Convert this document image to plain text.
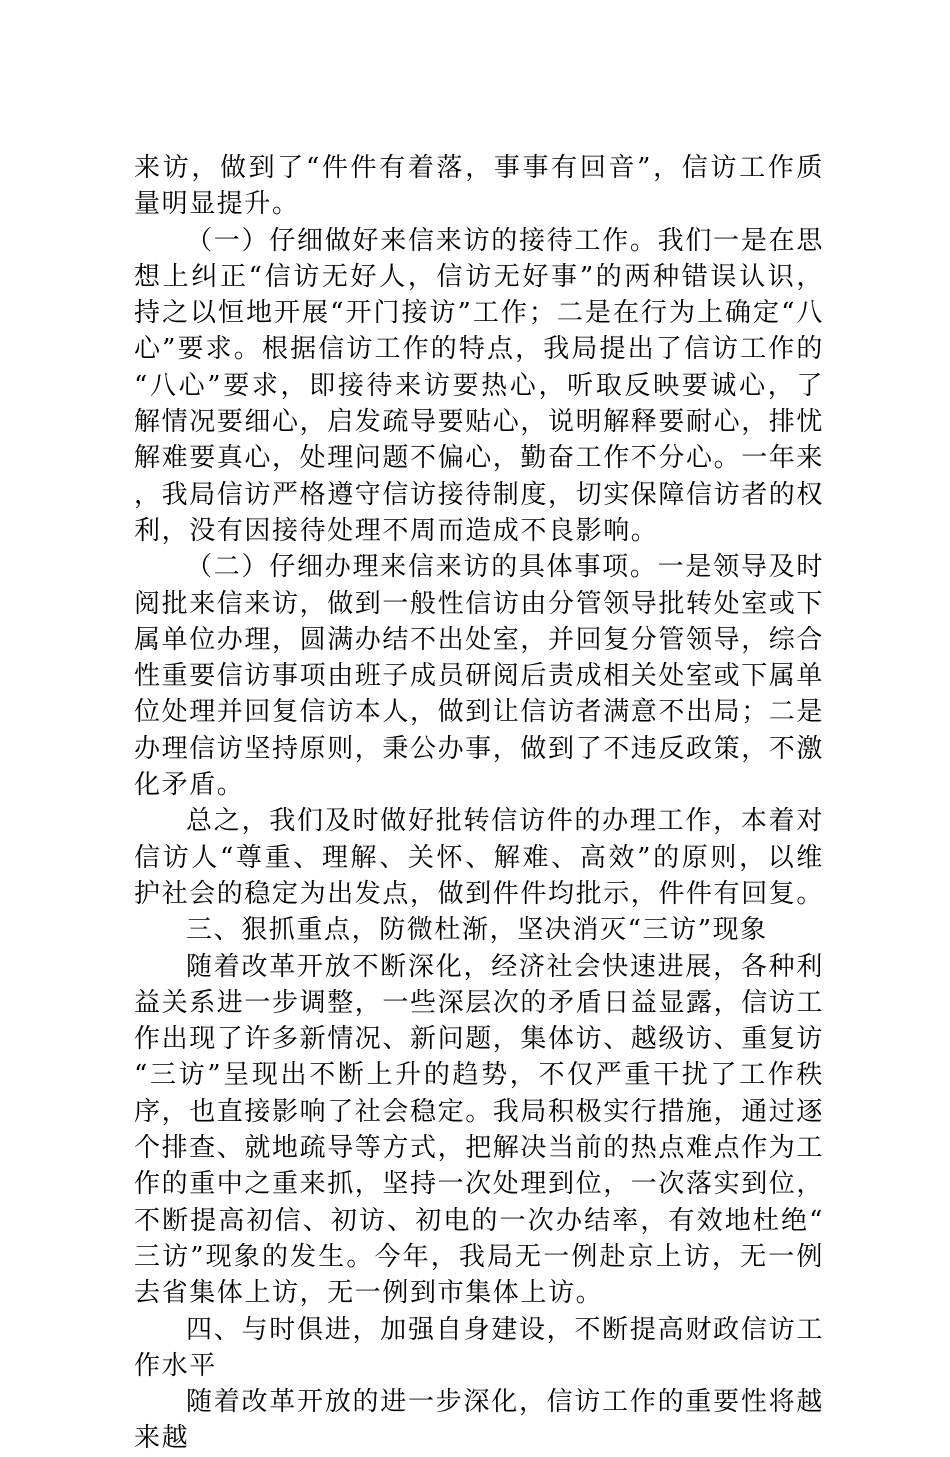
来访，做到了“件件有着落，事事有回音”，信访工作质量明显提升。

（一）仔细做好来信来访的接待工作。我们一是在思想上纠正“信访无好人，信访无好事”的两种错误认识，持之以恒地开展“开门接访”工作；二是在行为上确定“八心”要求。根据信访工作的特点，我局提出了信访工作的“八心”要求，即接待来访要热心，听取反映要诚心，了解情况要细心，启发疏导要贴心，说明解释要耐心，排忧解难要真心，处理问题不偏心，勤奋工作不分心。一年来，我局信访严格遵守信访接待制度，切实保障信访者的权利，没有因接待处理不周而造成不良影响。

（二）仔细办理来信来访的具体事项。一是领导及时阅批来信来访，做到一般性信访由分管领导批转处室或下属单位办理，圆满办结不出处室，并回复分管领导，综合性重要信访事项由班子成员研阅后责成相关处室或下属单位处理并回复信访本人，做到让信访者满意不出局；二是办理信访坚持原则，秉公办事，做到了不违反政策，不激化矛盾。

总之，我们及时做好批转信访件的办理工作，本着对信访人“尊重、理解、关怀、解难、高效”的原则，以维护社会的稳定为出发点，做到件件均批示，件件有回复。

三、狠抓重点，防微杜渐，坚决消灭“三访”现象

随着改革开放不断深化，经济社会快速进展，各种利益关系进一步调整，一些深层次的矛盾日益显露，信访工作出现了许多新情况、新问题，集体访、越级访、重复访“三访”呈现出不断上升的趋势，不仅严重干扰了工作秩序，也直接影响了社会稳定。我局积极实行措施，通过逐个排查、就地疏导等方式，把解决当前的热点难点作为工作的重中之重来抓，坚持一次处理到位，一次落实到位，不断提高初信、初访、初电的一次办结率，有效地杜绝“三访”现象的发生。今年，我局无一例赴京上访，无一例去省集体上访，无一例到市集体上访。

四、与时俱进，加强自身建设，不断提高财政信访工作水平

随着改革开放的进一步深化，信访工作的重要性将越来越
